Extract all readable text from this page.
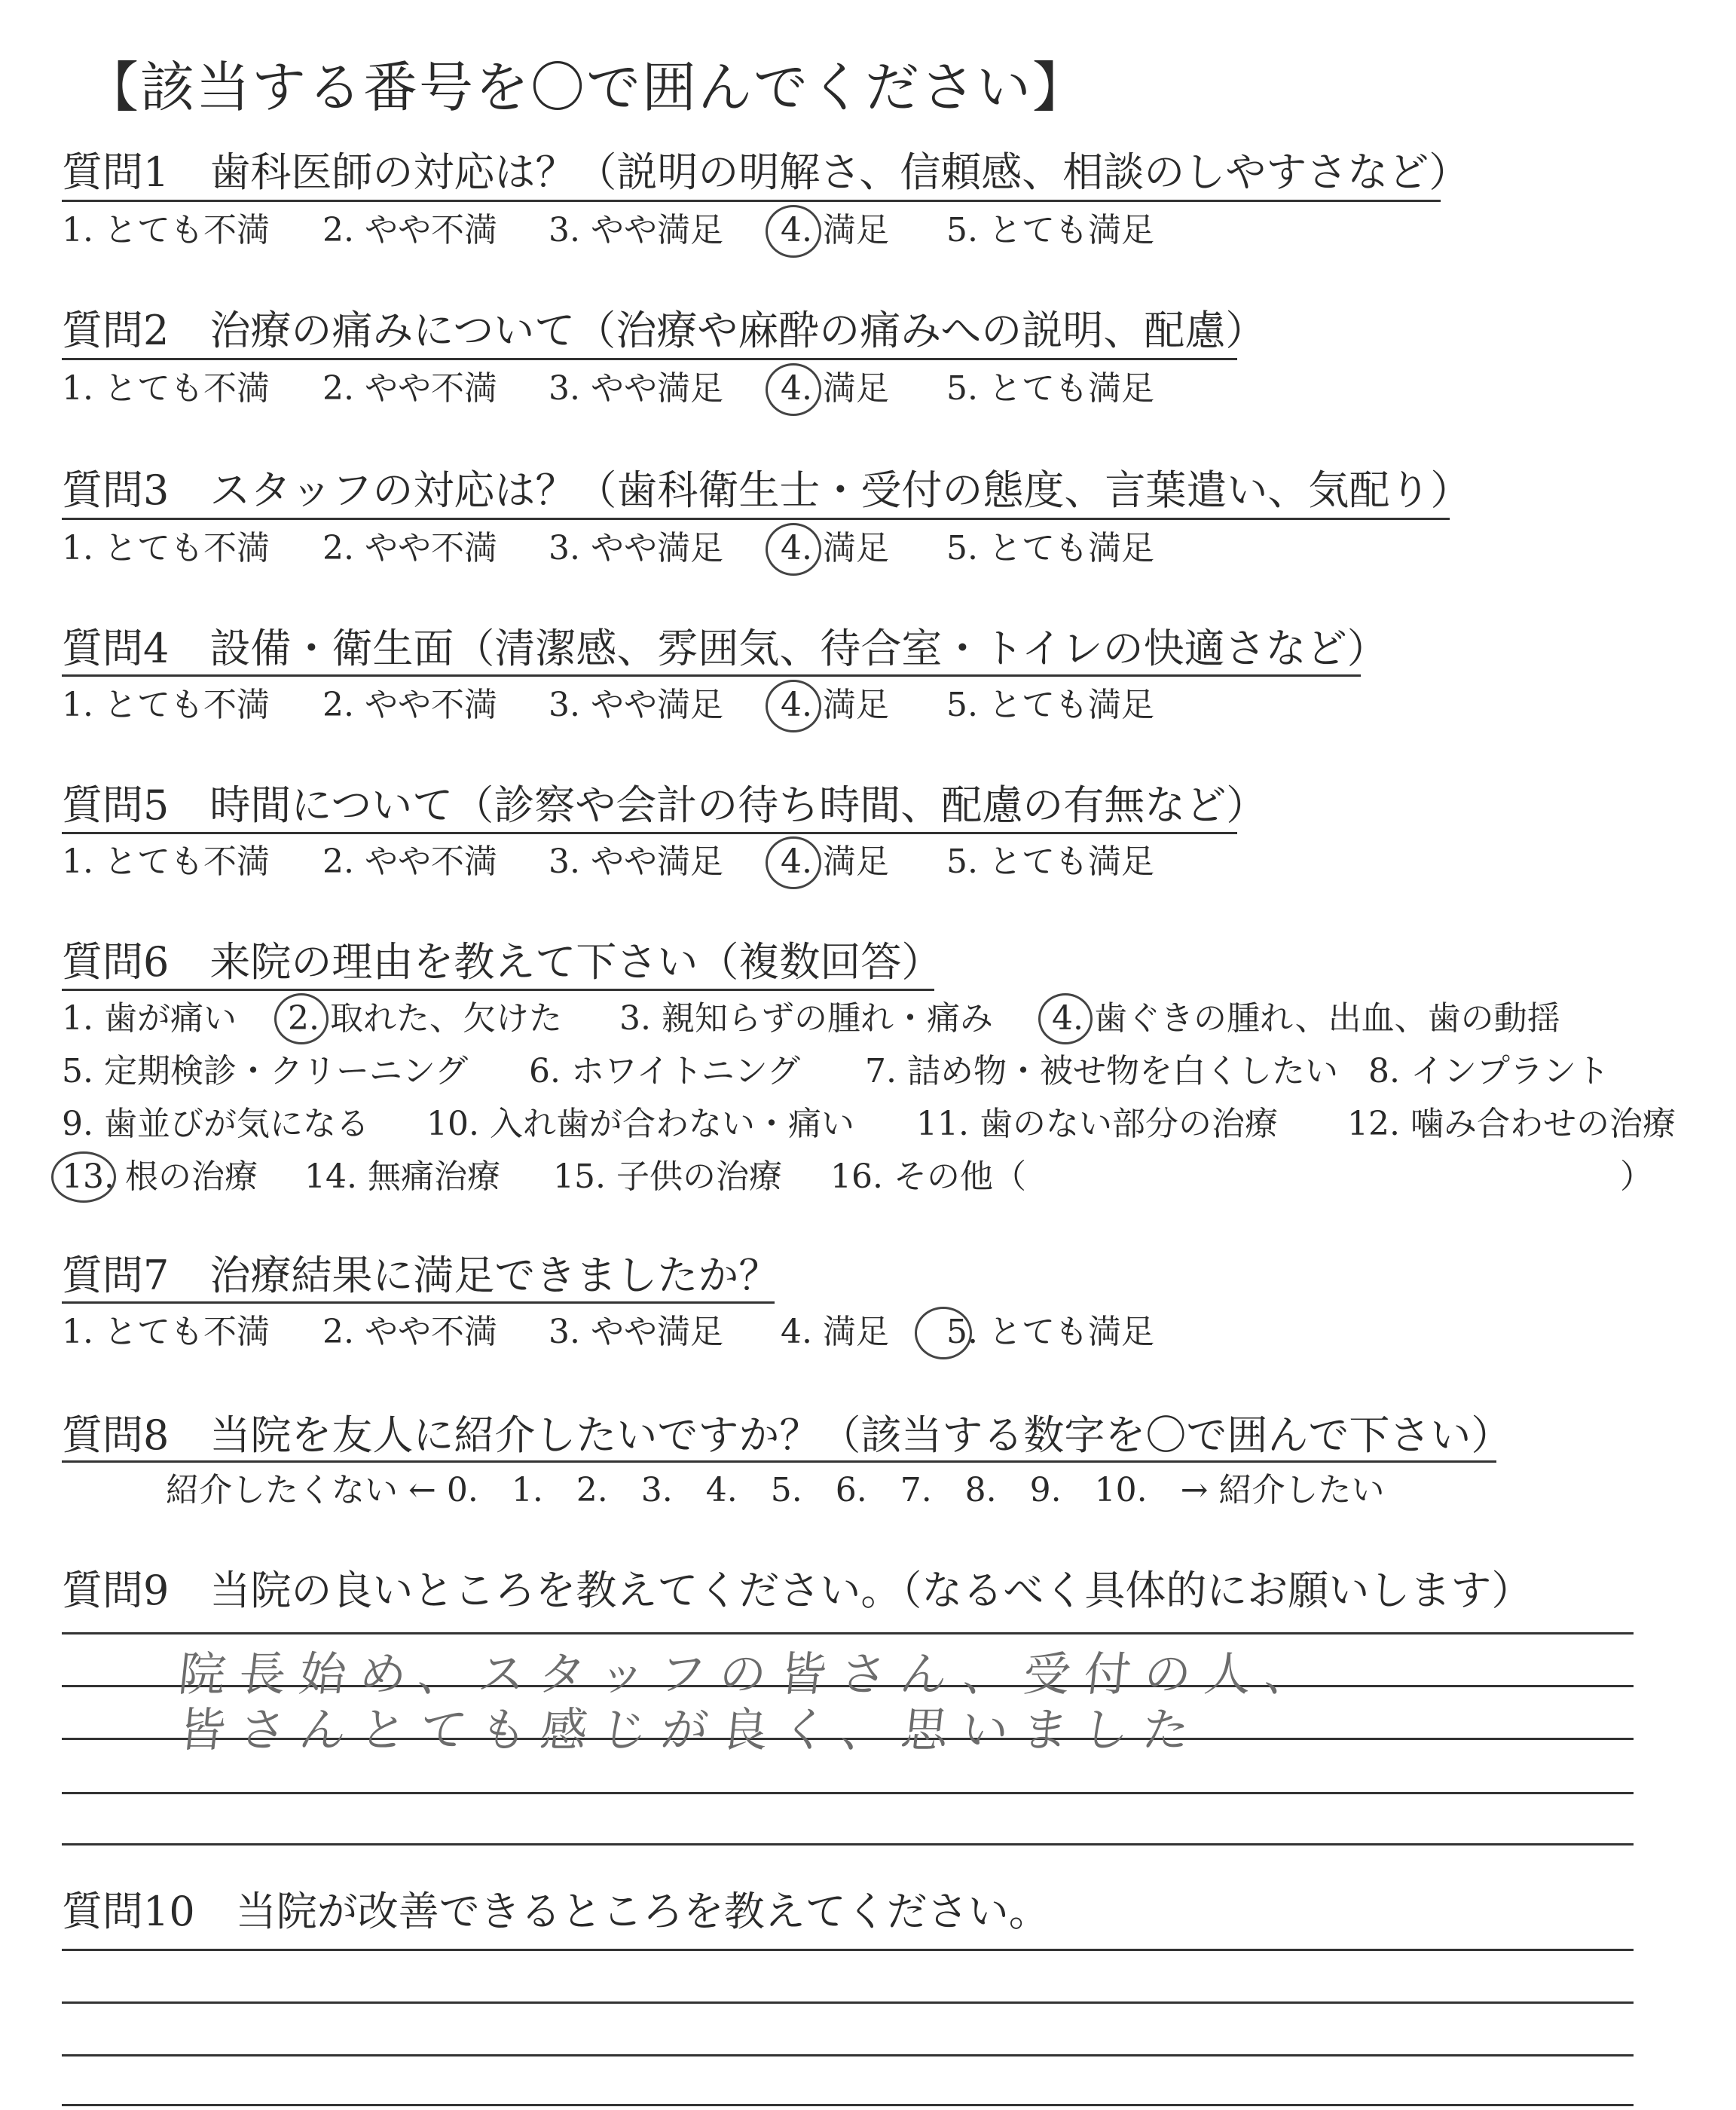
【該当する番号を〇で囲んでください】
質問1　歯科医師の対応は？（説明の明解さ、信頼感、相談のしやすさなど）
1. とても不満 2. やや不満 3. やや満足 4. 満足 5. とても満足
質問2　治療の痛みについて（治療や麻酔の痛みへの説明、配慮）
1. とても不満 2. やや不満 3. やや満足 4. 満足 5. とても満足
質問3　スタッフの対応は？（歯科衛生士・受付の態度、言葉遣い、気配り）
1. とても不満 2. やや不満 3. やや満足 4. 満足 5. とても満足
質問4　設備・衛生面（清潔感、雰囲気、待合室・トイレの快適さなど）
1. とても不満 2. やや不満 3. やや満足 4. 満足 5. とても満足
質問5　時間について（診察や会計の待ち時間、配慮の有無など）
1. とても不満 2. やや不満 3. やや満足 4. 満足 5. とても満足
質問6　来院の理由を教えて下さい（複数回答）
1. 歯が痛い 2. 取れた、欠けた 3. 親知らずの腫れ・痛み 4. 歯ぐきの腫れ、出血、歯の動揺
5. 定期検診・クリーニング 6. ホワイトニング 7. 詰め物・被せ物を白くしたい 8. インプラント
9. 歯並びが気になる 10. 入れ歯が合わない・痛い 11. 歯のない部分の治療 12. 噛み合わせの治療
13. 根の治療 14. 無痛治療 15. 子供の治療 16. その他（	）
質問7　治療結果に満足できましたか？
1. とても不満 2. やや不満 3. やや満足 4. 満足 5. とても満足
質問8　当院を友人に紹介したいですか？（該当する数字を〇で囲んで下さい）
紹介したくない ← 0.　1.　2.　3.　4.　5.　6.　7.　8.　9.　10.　→ 紹介したい
質問9　当院の良いところを教えてください。（なるべく具体的にお願いします）
院長始め、スタッフの皆さん、受付の人、
皆さんとても感じが良く、思いました
質問10　当院が改善できるところを教えてください。
